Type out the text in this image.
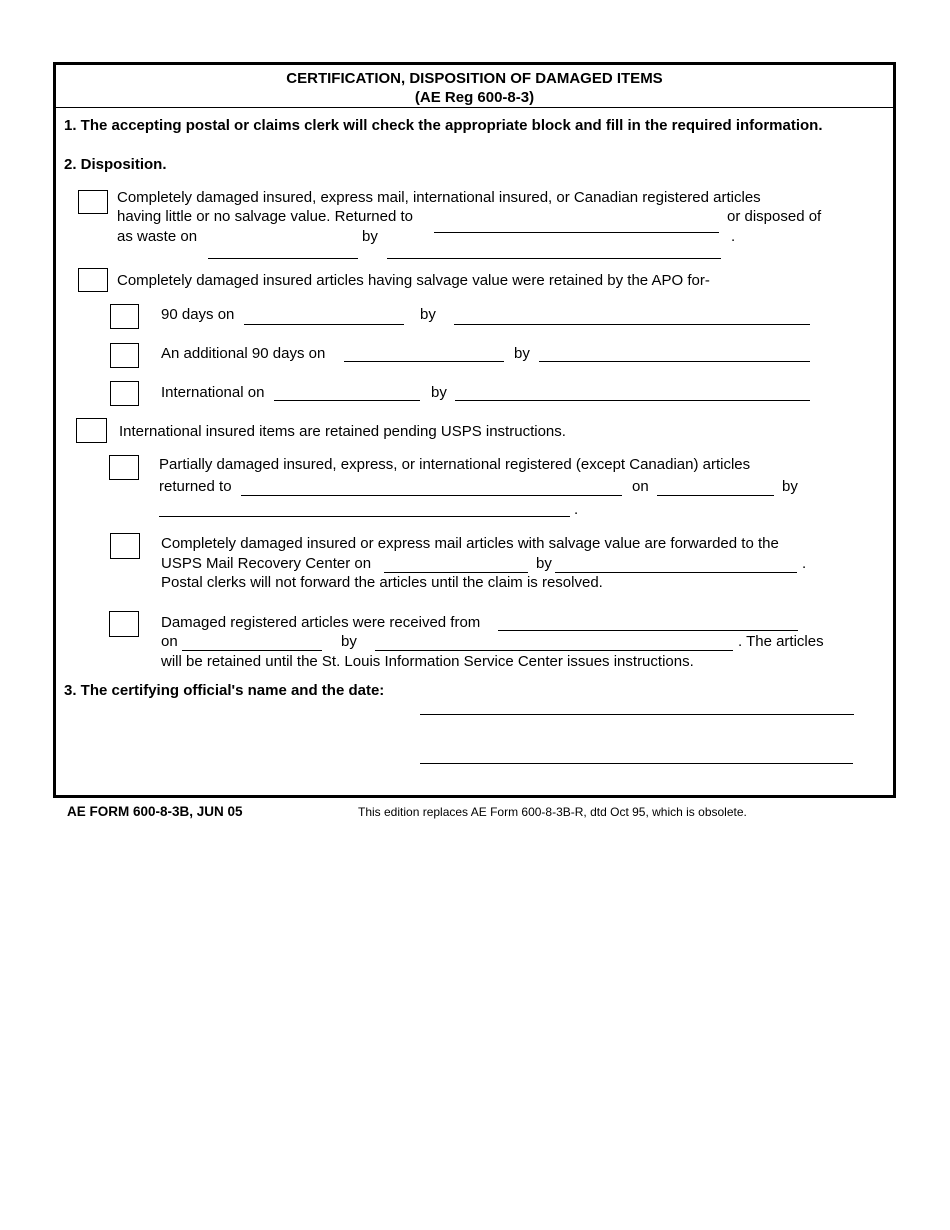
CERTIFICATION, DISPOSITION OF DAMAGED ITEMS
(AE Reg 600-8-3)
1. The accepting postal or claims clerk will check the appropriate block and fill in the required information.
2. Disposition.
Completely damaged insured, express mail, international insured, or Canadian registered articles
having little or no salvage value. Returned to	or disposed of
as waste on	by	.
Completely damaged insured articles having salvage value were retained by the APO for-
90 days on	by
An additional 90 days on	by
International on	by
International insured items are retained pending USPS instructions.
Partially damaged insured, express, or international registered (except Canadian) articles
returned to	on	by
.
Completely damaged insured or express mail articles with salvage value are forwarded to the
USPS Mail Recovery Center on	by	.
Postal clerks will not forward the articles until the claim is resolved.
Damaged registered articles were received from
on	by	. The articles
will be retained until the St. Louis Information Service Center issues instructions.
3. The certifying official's name and the date:
AE FORM 600-8-3B, JUN 05	This edition replaces AE Form 600-8-3B-R, dtd Oct 95, which is obsolete.
